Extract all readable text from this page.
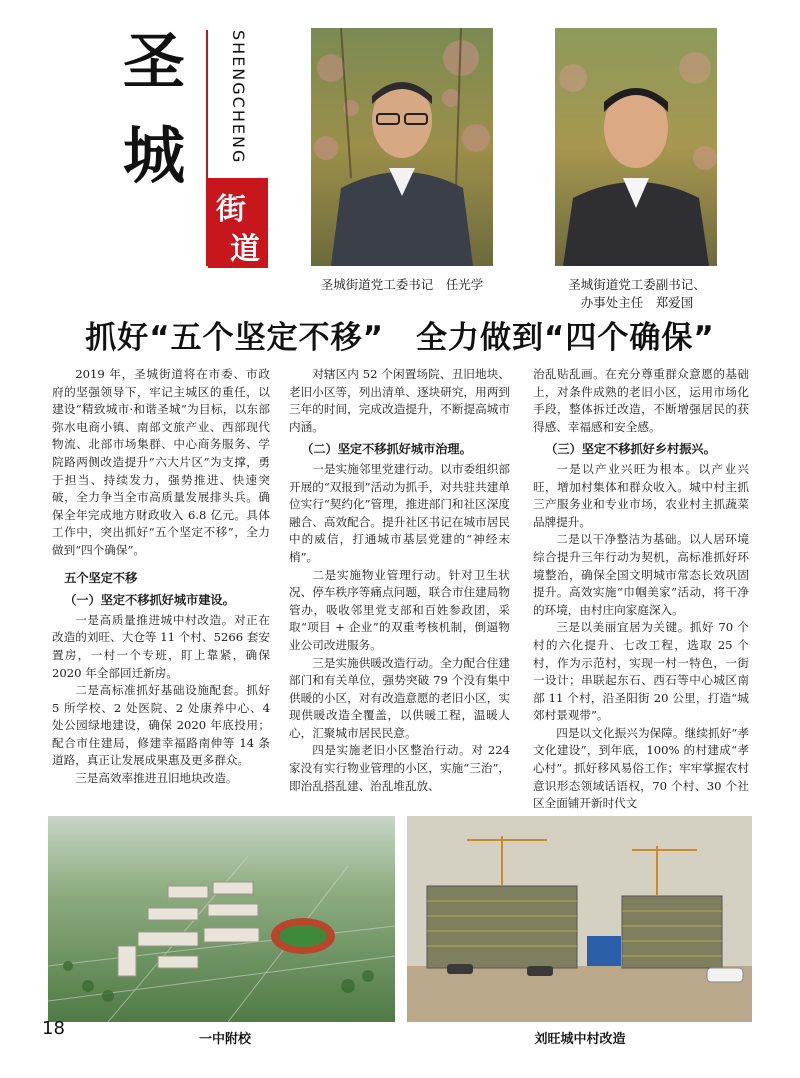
圣
城	SHENGCHENG
街
道
圣城街道党工委书记　任光学	圣城街道党工委副书记、
办事处主任　郑爱国
抓好“五个坚定不移”　全力做到“四个确保”

2019 年，圣城街道将在市委、市政府的坚强领导下，牢记主城区的重任，以建设“精致城市·和谐圣城”为目标，以东部弥水电商小镇、南部文旅产业、西部现代物流、北部市场集群、中心商务服务、学院路两侧改造提升“六大片区”为支撑，勇于担当、持续发力，强势推进、快速突破，全力争当全市高质量发展排头兵。确保全年完成地方财政收入 6.8 亿元。具体工作中，突出抓好“五个坚定不移”，全力做到“四个确保”。

五个坚定不移

（一）坚定不移抓好城市建设。

一是高质量推进城中村改造。对正在改造的刘旺、大仓等 11 个村、5266 套安置房，一村一个专班，盯上靠紧，确保 2020 年全部回迁新房。

二是高标准抓好基础设施配套。抓好 5 所学校、2 处医院、2 处康养中心、4 处公园绿地建设，确保 2020 年底投用；配合市住建局，修建幸福路南伸等 14 条道路，真正让发展成果惠及更多群众。

三是高效率推进丑旧地块改造。

对辖区内 52 个闲置场院、丑旧地块、老旧小区等，列出清单、逐块研究，用两到三年的时间，完成改造提升，不断提高城市内涵。

（二）坚定不移抓好城市治理。

一是实施邻里党建行动。以市委组织部开展的“双报到”活动为抓手，对共驻共建单位实行“契约化”管理，推进部门和社区深度融合、高效配合。提升社区书记在城市居民中的威信，打通城市基层党建的“神经末梢”。

二是实施物业管理行动。针对卫生状况、停车秩序等痛点问题，联合市住建局物管办，吸收邻里党支部和百姓参政团，采取“项目 + 企业”的双重考核机制，倒逼物业公司改进服务。

三是实施供暖改造行动。全力配合住建部门和有关单位，强势突破 79 个没有集中供暖的小区，对有改造意愿的老旧小区，实现供暖改造全覆盖，以供暖工程，温暖人心，汇聚城市居民民意。

四是实施老旧小区整治行动。对 224 家没有实行物业管理的小区，实施“三治”，即治乱搭乱建、治乱堆乱放、

治乱贴乱画。在充分尊重群众意愿的基础上，对条件成熟的老旧小区，运用市场化手段，整体拆迁改造，不断增强居民的获得感、幸福感和安全感。

（三）坚定不移抓好乡村振兴。

一是以产业兴旺为根本。以产业兴旺，增加村集体和群众收入。城中村主抓三产服务业和专业市场，农业村主抓蔬菜品牌提升。

二是以干净整洁为基础。以人居环境综合提升三年行动为契机，高标准抓好环境整治，确保全国文明城市常态长效巩固提升。高效实施“巾帼美家”活动，将干净的环境，由村庄向家庭深入。

三是以美丽宜居为关键。抓好 70 个村的六化提升、七改工程，选取 25 个村，作为示范村，实现一村一特色，一街一设计；串联起东石、西石等中心城区南部 11 个村，沿圣阳街 20 公里，打造“城郊村景观带”。

四是以文化振兴为保障。继续抓好“孝文化建设”，到年底，100% 的村建成“孝心村”。抓好移风易俗工作；牢牢掌握农村意识形态领域话语权，70 个村、30 个社区全面铺开新时代文

一中附校	刘旺城中村改造
18
